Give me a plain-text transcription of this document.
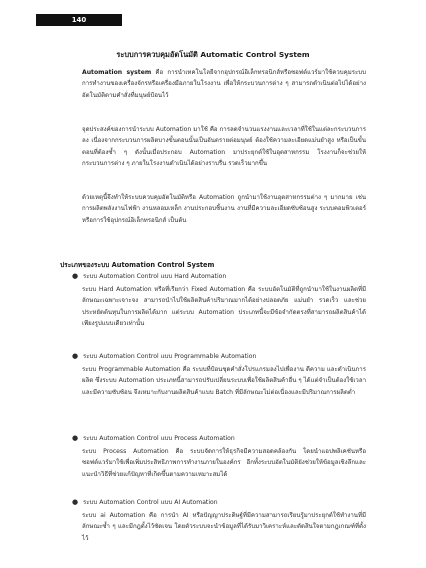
140
ระบบการควบคุมอัตโนมัติ Automatic Control System
Automation system คือ การนำเทคโนโลยีจากอุปกรณ์อิเล็กทรอนิกส์หรือซอฟต์แวร์มาใช้ควบคุมระบบการทำงานของเครื่องจักรหรือเครื่องมือภายในโรงงาน เพื่อให้กระบวนการต่าง ๆ สามารถดำเนินต่อไปได้อย่างอัตโนมัติตามคำสั่งที่มนุษย์ป้อนไว้
จุดประสงค์ของการนำระบบ Automation มาใช้ คือ การลดจำนวนแรงงานและเวลาที่ใช้ในแต่ละกระบวนการลง เนื่องจากกระบวนการผลิตบางขั้นตอนนั้นเป็นอันตรายต่อมนุษย์ ต้องใช้ความละเอียดแม่นยำสูง หรือเป็นขั้นตอนที่ต้องซ้ำ ๆ ดังนั้นเมื่อประกอบ Automation มาประยุกต์ใช้ในอุตสาหกรรม โรงงานก็จะช่วยให้กระบวนการต่าง ๆ ภายในโรงงานดำเนินได้อย่างราบรื่น รวดเร็วมากขึ้น
ด้วยเหตุนี้จึงทำให้ระบบควบคุมอัตโนมัติหรือ Automation ถูกนำมาใช้งานอุตสาหกรรมต่าง ๆ มากมาย เช่น การผลิตพลังงานไฟฟ้า งานหลอมเหล็ก งานประกอบชิ้นงาน งานที่มีความละเอียดซับซ้อนสูง ระบบคอมพิวเตอร์หรือการใช้อุปกรณ์อิเล็กทรอนิกส์ เป็นต้น
ประเภทของระบบ Automation Control System
● ระบบ Automation Control แบบ Hard Automation
ระบบ Hard Automation หรือที่เรียกว่า Fixed Automation คือ ระบบอัตโนมัติที่ถูกนำมาใช้ในงานผลิตที่มีลักษณะเฉพาะเจาะจง สามารถนำไปใช้ผลิตสินค้าปริมาณมากได้อย่างปลอดภัย แม่นยำ รวดเร็ว และช่วยประหยัดต้นทุนในการผลิตได้มาก แต่ระบบ Automation ประเภทนี้จะมีข้อจำกัดตรงที่สามารถผลิตสินค้าได้เพียงรูปแบบเดียวเท่านั้น
● ระบบ Automation Control แบบ Programmable Automation
ระบบ Programmable Automation คือ ระบบที่ป้อนชุดคำสั่งโปรแกรมลงไปเพื่องาน ดีความ และดำเนินการผลิต ซึ่งระบบ Automation ประเภทนี้สามารถปรับเปลี่ยนระบบเพื่อใช้ผลิตสินค้าอื่น ๆ ได้แต่จำเป็นต้องใช้เวลาและมีความซับซ้อน จึงเหมาะกับงานผลิตสินค้าแบบ Batch ที่มีลักษณะไม่ต่อเนื่องและมีปริมาณการผลิตต่ำ
● ระบบ Automation Control แบบ Process Automation
ระบบ Process Automation คือ ระบบจัดการให้ธุรกิจมีความสอดคล้องกัน โดยนำแอปพลิเคชันหรือซอฟต์แวร์มาใช้เพื่อเพิ่มประสิทธิภาพการทำงานภายในองค์กร อีกทั้งระบบอัตโนมัติยังช่วยให้ข้อมูลเชิงลึกและแนะนำวิธีที่ช่วยแก้ปัญหาที่เกิดขึ้นตามความเหมาะสมได้
● ระบบ Automation Control แบบ AI Automation
ระบบ ai Automation คือ การนำ AI หรือปัญญาประดิษฐ์ที่มีความสามารถเรียนรู้มาประยุกต์ใช้ทำงานที่มีลักษณะซ้ำ ๆ และมีกฎตั้งไว้ชัดเจน โดยตัวระบบจะนำข้อมูลที่ได้รับมาวิเคราะห์และตัดสินใจตามกฎเกณฑ์ที่ตั้งไว้
